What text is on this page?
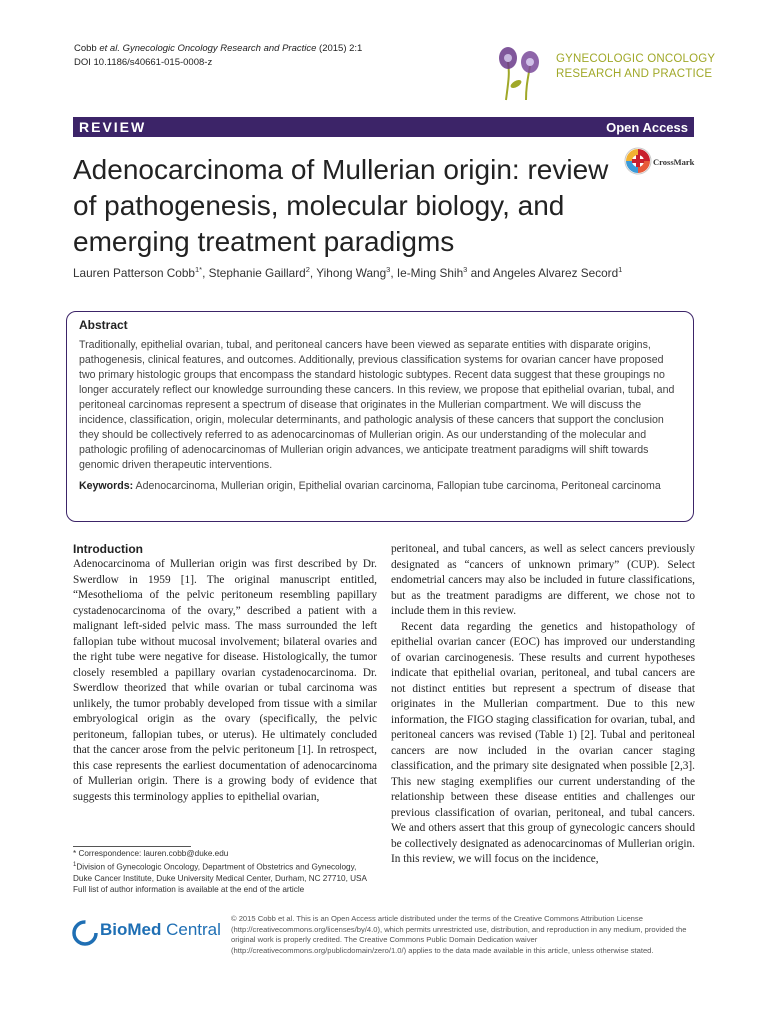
Cobb et al. Gynecologic Oncology Research and Practice (2015) 2:1
DOI 10.1186/s40661-015-0008-z	GYNECOLOGIC ONCOLOGY
RESEARCH AND PRACTICE
REVIEW	Open Access
Adenocarcinoma of Mullerian origin: review of pathogenesis, molecular biology, and emerging treatment paradigms
CrossMark
Lauren Patterson Cobb$^{1*}$, Stephanie Gaillard$^2$, Yihong Wang$^3$, Ie-Ming Shih$^3$ and Angeles Alvarez Secord$^1$
Abstract

Traditionally, epithelial ovarian, tubal, and peritoneal cancers have been viewed as separate entities with disparate origins, pathogenesis, clinical features, and outcomes. Additionally, previous classification systems for ovarian cancer have proposed two primary histologic groups that encompass the standard histologic subtypes. Recent data suggest that these groupings no longer accurately reflect our knowledge surrounding these cancers. In this review, we propose that epithelial ovarian, tubal, and peritoneal carcinomas represent a spectrum of disease that originates in the Mullerian compartment. We will discuss the incidence, classification, origin, molecular determinants, and pathologic analysis of these cancers that support the conclusion they should be collectively referred to as adenocarcinomas of Mullerian origin. As our understanding of the molecular and pathologic profiling of adenocarcinomas of Mullerian origin advances, we anticipate treatment paradigms will shift towards genomic driven therapeutic interventions.

Keywords: Adenocarcinoma, Mullerian origin, Epithelial ovarian carcinoma, Fallopian tube carcinoma, Peritoneal carcinoma

Introduction

Adenocarcinoma of Mullerian origin was first described by Dr. Swerdlow in 1959 [1]. The original manuscript entitled, “Mesothelioma of the pelvic peritoneum resembling papillary cystadenocarcinoma of the ovary,” described a patient with a malignant left-sided pelvic mass. The mass surrounded the left fallopian tube without mucosal involvement; bilateral ovaries and the right tube were negative for disease. Histologically, the tumor closely resembled a papillary ovarian cystadenocarcinoma. Dr. Swerdlow theorized that while ovarian or tubal carcinoma was unlikely, the tumor probably developed from tissue with a similar embryological origin as the ovary (specifically, the pelvic peritoneum, fallopian tubes, or uterus). He ultimately concluded that the cancer arose from the pelvic peritoneum [1]. In retrospect, this case represents the earliest documentation of adenocarcinoma of Mullerian origin. There is a growing body of evidence that suggests this terminology applies to epithelial ovarian,

peritoneal, and tubal cancers, as well as select cancers previously designated as “cancers of unknown primary” (CUP). Select endometrial cancers may also be included in future classifications, but as the treatment paradigms are different, we chose not to include them in this review.

Recent data regarding the genetics and histopathology of epithelial ovarian cancer (EOC) has improved our understanding of ovarian carcinogenesis. These results and current hypotheses indicate that epithelial ovarian, peritoneal, and tubal cancers are not distinct entities but represent a spectrum of disease that originates in the Mullerian compartment. Due to this new information, the FIGO staging classification for ovarian, tubal, and peritoneal cancers was revised (Table 1) [2]. Tubal and peritoneal cancers are now included in the ovarian cancer staging classification, and the primary site designated when possible [2,3]. This new staging exemplifies our current understanding of the relationship between these disease entities and challenges our previous classification of ovarian, peritoneal, and tubal cancers. We and others assert that this group of gynecologic cancers should be collectively designated as adenocarcinomas of Mullerian origin. In this review, we will focus on the incidence,

* Correspondence: lauren.cobb@duke.edu
$^1$Division of Gynecologic Oncology, Department of Obstetrics and Gynecology, Duke Cancer Institute, Duke University Medical Center, Durham, NC 27710, USA
Full list of author information is available at the end of the article
BioMed Central
© 2015 Cobb et al. This is an Open Access article distributed under the terms of the Creative Commons Attribution License (http://creativecommons.org/licenses/by/4.0), which permits unrestricted use, distribution, and reproduction in any medium, provided the original work is properly credited. The Creative Commons Public Domain Dedication waiver (http://creativecommons.org/publicdomain/zero/1.0/) applies to the data made available in this article, unless otherwise stated.
